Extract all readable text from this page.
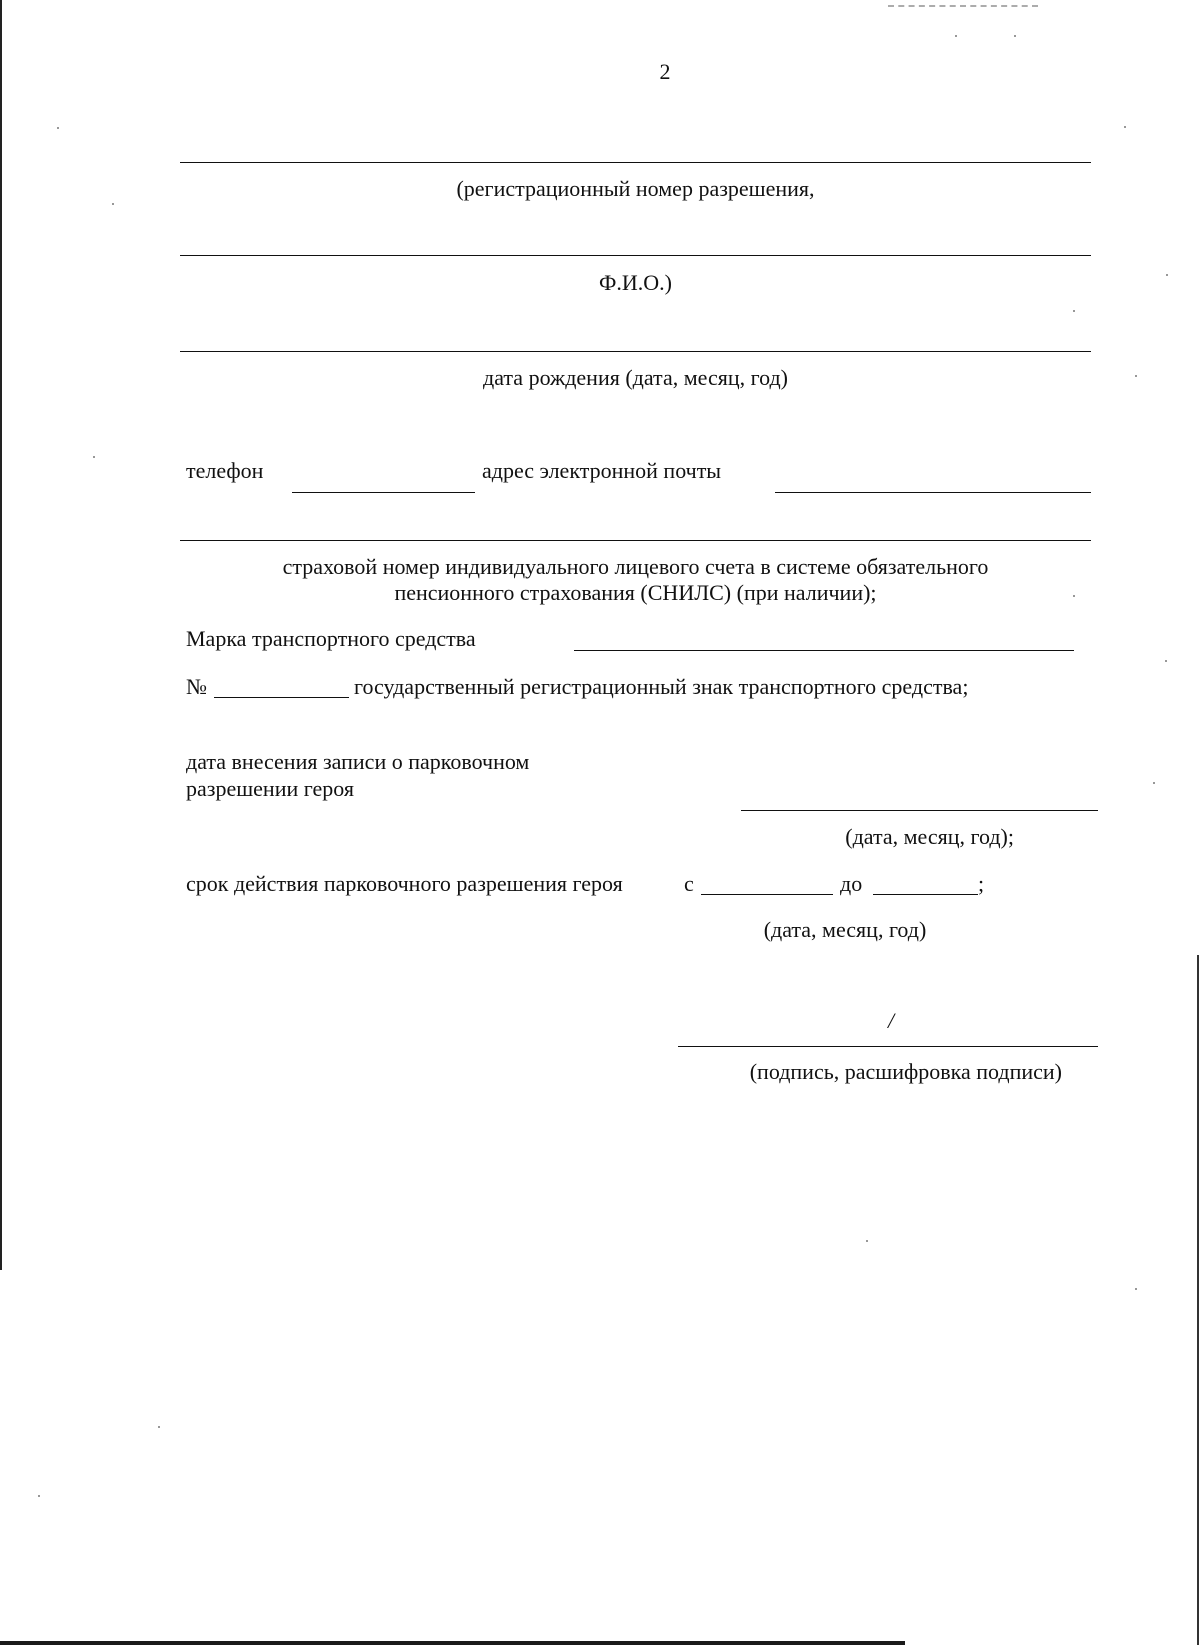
2
(регистрационный номер разрешения,
Ф.И.О.)
дата рождения (дата, месяц, год)
телефон	адрес электронной почты
страховой номер индивидуального лицевого счета в системе обязательного
пенсионного страхования (СНИЛС) (при наличии);
Марка транспортного средства
№	государственный регистрационный знак транспортного средства;
дата внесения записи о парковочном
разрешении героя
(дата, месяц, год);
срок действия парковочного разрешения героя	с	до	;
(дата, месяц, год)
/
(подпись, расшифровка подписи)
